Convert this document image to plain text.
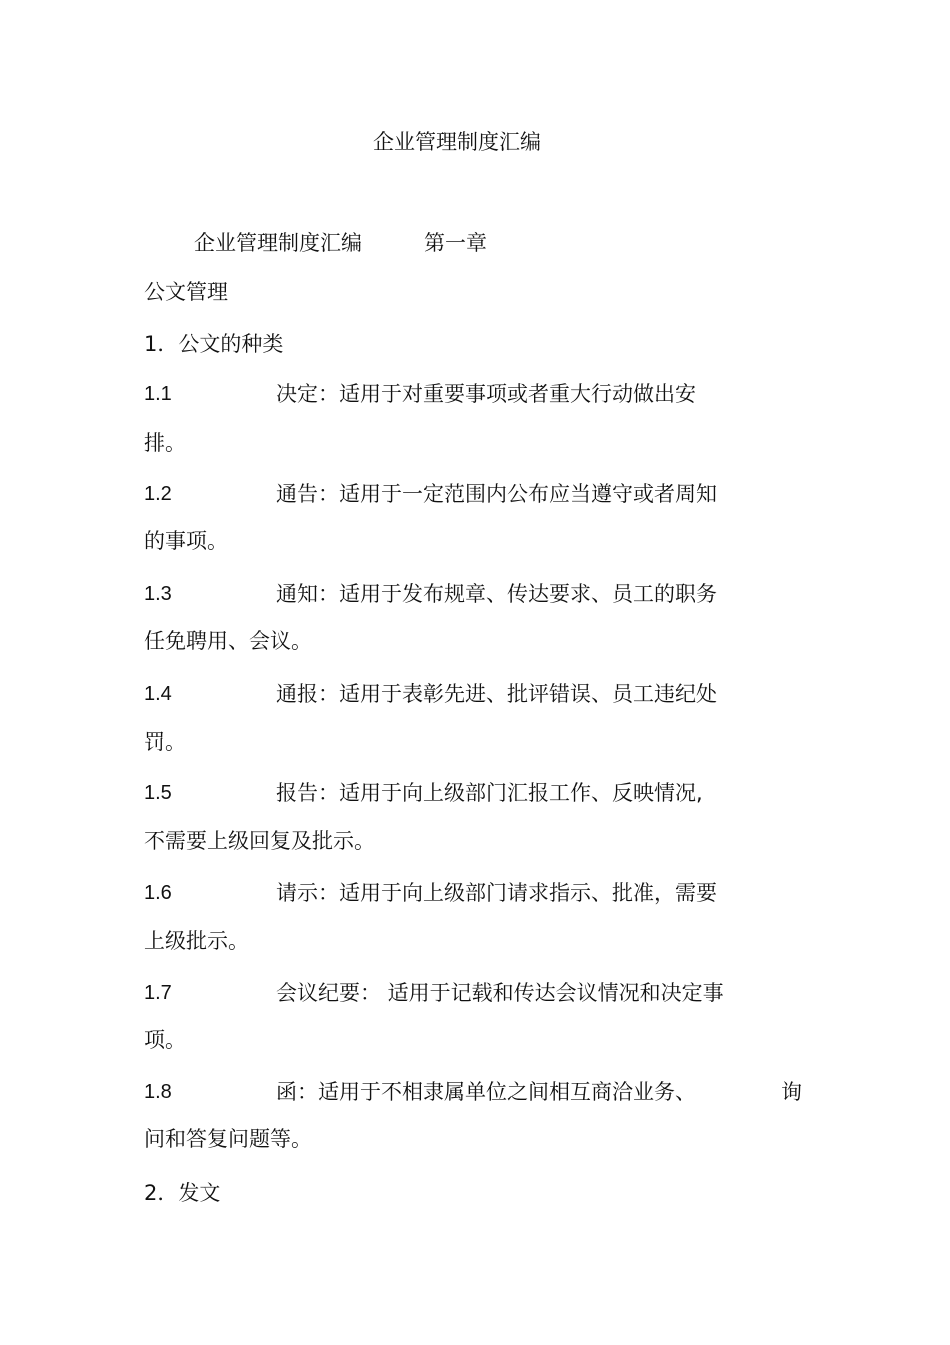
企业管理制度汇编
企业管理制度汇编	第一章
公文管理
1．公文的种类
1.1	决定：适用于对重要事项或者重大行动做出安
排。
1.2	通告：适用于一定范围内公布应当遵守或者周知
的事项。
1.3	通知：适用于发布规章、传达要求、员工的职务
任免聘用、会议。
1.4	通报：适用于表彰先进、批评错误、员工违纪处
罚。
1.5	报告：适用于向上级部门汇报工作、反映情况,
不需要上级回复及批示。
1.6	请示：适用于向上级部门请求指示、批准，需要
上级批示。
1.7	会议纪要： 适用于记载和传达会议情况和决定事
项。
1.8	函：适用于不相隶属单位之间相互商洽业务、	询
问和答复问题等。
2．发文
